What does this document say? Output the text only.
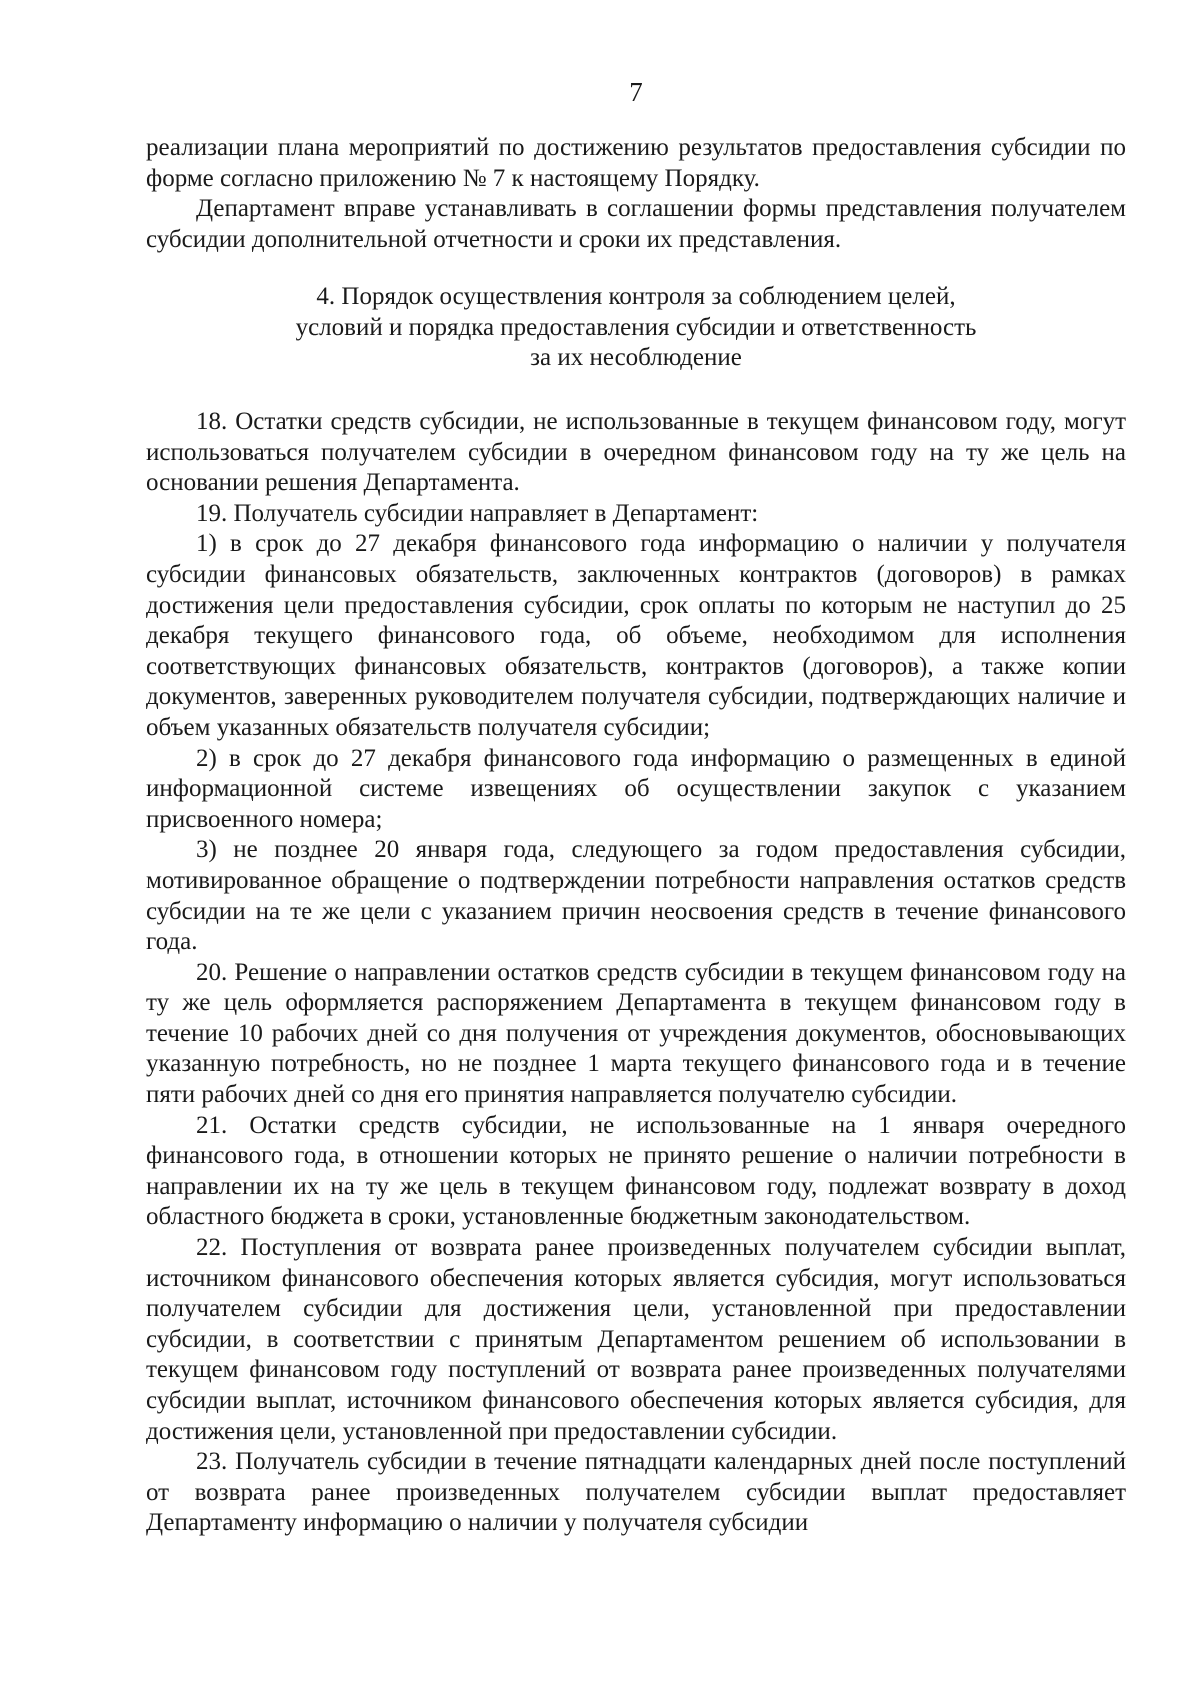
7

реализации плана мероприятий по достижению результатов предоставления субсидии по форме согласно приложению № 7 к настоящему Порядку.

Департамент вправе устанавливать в соглашении формы представления получателем субсидии дополнительной отчетности и сроки их представления.

4. Порядок осуществления контроля за соблюдением целей,
условий и порядка предоставления субсидии и ответственность
за их несоблюдение

18. Остатки средств субсидии, не использованные в текущем финансовом году, могут использоваться получателем субсидии в очередном финансовом году на ту же цель на основании решения Департамента.

19. Получатель субсидии направляет в Департамент:

1) в срок до 27 декабря финансового года информацию о наличии у получателя субсидии финансовых обязательств, заключенных контрактов (договоров) в рамках достижения цели предоставления субсидии, срок оплаты по которым не наступил до 25 декабря текущего финансового года, об объеме, необходимом для исполнения соответствующих финансовых обязательств, контрактов (договоров), а также копии документов, заверенных руководителем получателя субсидии, подтверждающих наличие и объем указанных обязательств получателя субсидии;

2) в срок до 27 декабря финансового года информацию о размещенных в единой информационной системе извещениях об осуществлении закупок с указанием присвоенного номера;

3) не позднее 20 января года, следующего за годом предоставления субсидии, мотивированное обращение о подтверждении потребности направления остатков средств субсидии на те же цели с указанием причин неосвоения средств в течение финансового года.

20. Решение о направлении остатков средств субсидии в текущем финансовом году на ту же цель оформляется распоряжением Департамента в текущем финансовом году в течение 10 рабочих дней со дня получения от учреждения документов, обосновывающих указанную потребность, но не позднее 1 марта текущего финансового года и в течение пяти рабочих дней со дня его принятия направляется получателю субсидии.

21. Остатки средств субсидии, не использованные на 1 января очередного финансового года, в отношении которых не принято решение о наличии потребности в направлении их на ту же цель в текущем финансовом году, подлежат возврату в доход областного бюджета в сроки, установленные бюджетным законодательством.

22. Поступления от возврата ранее произведенных получателем субсидии выплат, источником финансового обеспечения которых является субсидия, могут использоваться получателем субсидии для достижения цели, установленной при предоставлении субсидии, в соответствии с принятым Департаментом решением об использовании в текущем финансовом году поступлений от возврата ранее произведенных получателями субсидии выплат, источником финансового обеспечения которых является субсидия, для достижения цели, установленной при предоставлении субсидии.

23. Получатель субсидии в течение пятнадцати календарных дней после поступлений от возврата ранее произведенных получателем субсидии выплат предоставляет Департаменту информацию о наличии у получателя субсидии
